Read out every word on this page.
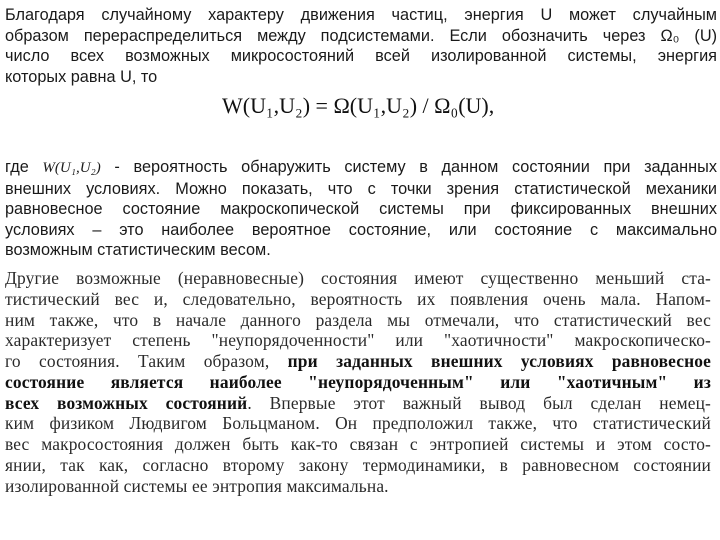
Благодаря случайному характеру движения частиц, энергия U может случайным
образом перераспределиться между подсистемами. Если обозначить через Ω₀ (U)
число всех возможных микросостояний всей изолированной системы, энергия
которых равна U, то
W(U₁,U₂) = Ω(U₁,U₂) / Ω₀(U),
где W(U₁,U₂) - вероятность обнаружить систему в данном состоянии при заданных
внешних условиях. Можно показать, что с точки зрения статистической механики
равновесное состояние макроскопической системы при фиксированных внешних
условиях – это наиболее вероятное состояние, или состояние с максимально
возможным статистическим весом.
Другие возможные (неравновесные) состояния имеют существенно меньший ста-
тистический вес и, следовательно, вероятность их появления очень мала. Напом-
ним также, что в начале данного раздела мы отмечали, что статистический вес
характеризует степень "неупорядоченности" или "хаотичности" макроскопическо-
го состояния. Таким образом, при заданных внешних условиях равновесное
состояние является наиболее "неупорядоченным" или "хаотичным" из
всех возможных состояний. Впервые этот важный вывод был сделан немец-
ким физиком Людвигом Больцманом. Он предположил также, что статистический
вес макросостояния должен быть как-то связан с энтропией системы и этом состо-
янии, так как, согласно второму закону термодинамики, в равновесном состоянии
изолированной системы ее энтропия максимальна.
